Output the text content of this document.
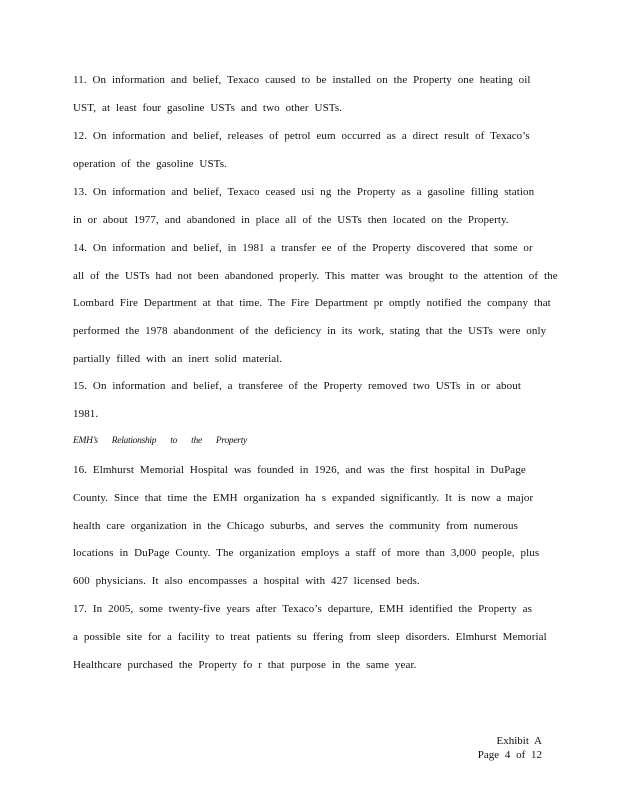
11. On information and belief, Texaco caused to be installed on the Property one heating oil
UST, at least four gasoline USTs and two other USTs.
12. On information and belief, releases of petrol eum occurred as a direct result of Texaco’s
operation of the gasoline USTs.
13. On information and belief, Texaco ceased usi ng the Property as a gasoline filling station
in or about 1977, and abandoned in place all of the USTs then located on the Property.
14. On information and belief, in 1981 a transfer ee of the Property discovered that some or
all of the USTs had not been abandoned properly. This matter was brought to the attention of the
Lombard Fire Department at that time. The Fire Department pr omptly notified the company that
performed the 1978 abandonment of the deficiency in its work, stating that the USTs were only
partially filled with an inert solid material.
15. On information and belief, a transferee of the Property removed two USTs in or about
1981.
EMH’s Relationship to the Property
16. Elmhurst Memorial Hospital was founded in 1926, and was the first hospital in DuPage
County. Since that time the EMH organization ha s expanded significantly. It is now a major
health care organization in the Chicago suburbs, and serves the community from numerous
locations in DuPage County. The organization employs a staff of more than 3,000 people, plus
600 physicians. It also encompasses a hospital with 427 licensed beds.
17. In 2005, some twenty-five years after Texaco’s departure, EMH identified the Property as
a possible site for a facility to treat patients su ffering from sleep disorders. Elmhurst Memorial
Healthcare purchased the Property fo r that purpose in the same year.
Exhibit A
Page 4 of 12
